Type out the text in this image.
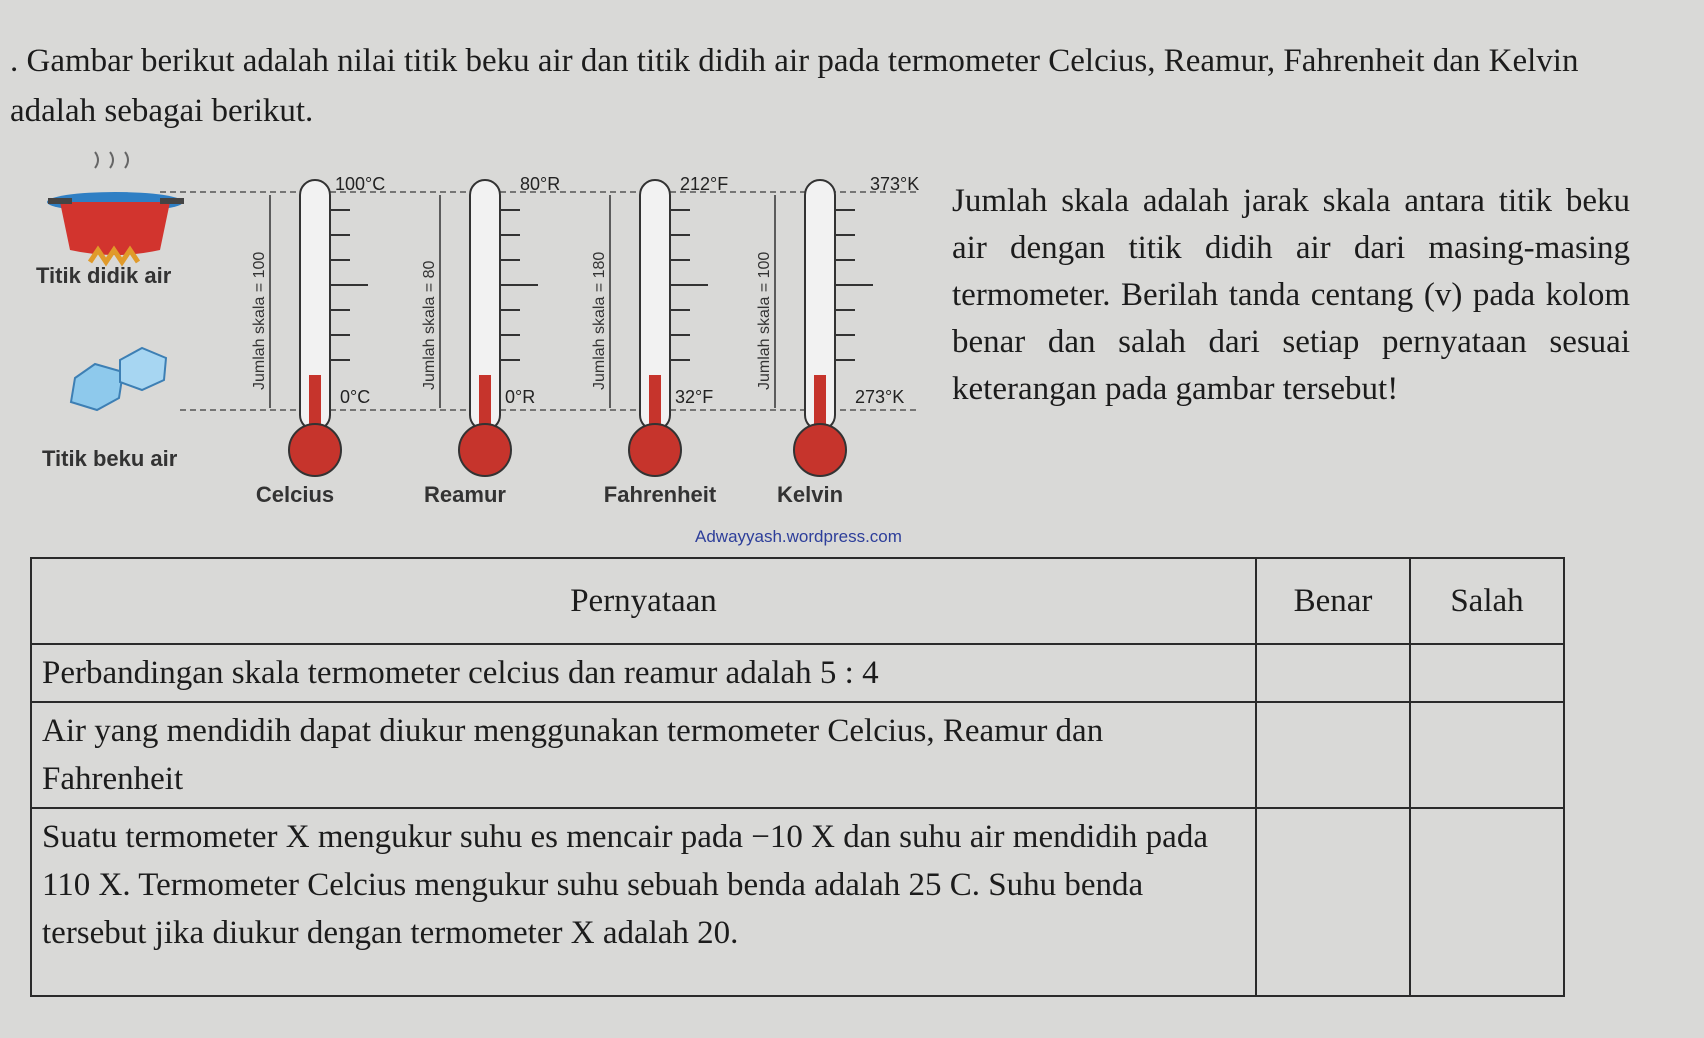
. Gambar berikut adalah nilai titik beku air dan titik didih air pada termometer Celcius, Reamur, Fahrenheit dan Kelvin adalah sebagai berikut.

Titik didik air
Titik beku air
Jumlah skala = 100
100°C
0°C
Celcius
Jumlah skala = 80
80°R
0°R
Reamur
Jumlah skala = 180
212°F
32°F
Fahrenheit
Jumlah skala = 100
373°K
273°K
Kelvin
Adwayyash.wordpress.com

Jumlah skala adalah jarak skala antara titik beku air dengan titik didih air dari masing-masing termometer. Berilah tanda centang (v) pada kolom benar dan salah dari setiap pernyataan sesuai keterangan pada gambar tersebut!

Pernyataan	Benar	Salah
Perbandingan skala termometer celcius dan reamur adalah 5 : 4		
Air yang mendidih dapat diukur menggunakan termometer Celcius, Reamur dan Fahrenheit		
Suatu termometer X mengukur suhu es mencair pada −10 X dan suhu air mendidih pada 110 X. Termometer Celcius mengukur suhu sebuah benda adalah 25 C. Suhu benda tersebut jika diukur dengan termometer X adalah 20.		
